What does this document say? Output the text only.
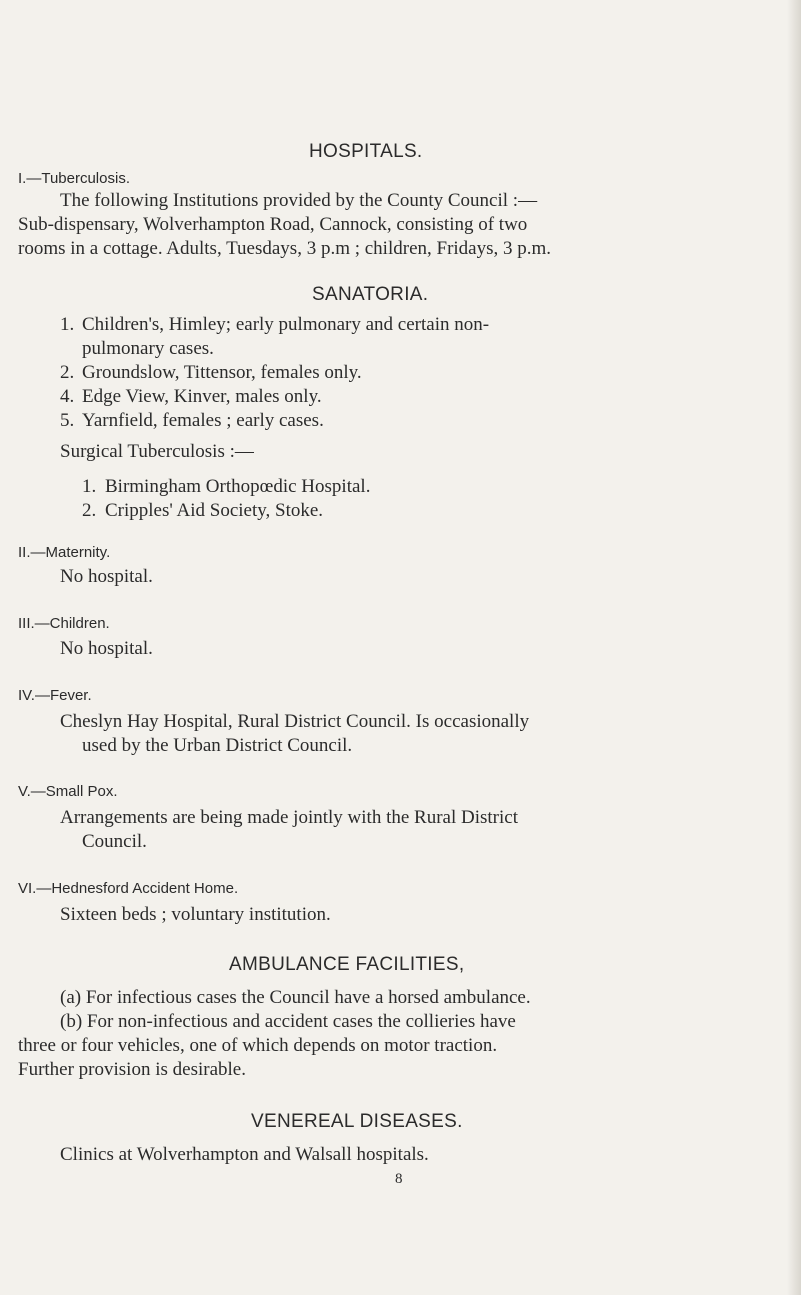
HOSPITALS.
I.—Tuberculosis.
The following Institutions provided by the County Council :—
Sub-dispensary, Wolverhampton Road, Cannock, consisting of two
rooms in a cottage. Adults, Tuesdays, 3 p.m ; children, Fridays, 3 p.m.
SANATORIA.
1. Children's, Himley; early pulmonary and certain non-
pulmonary cases.
2. Groundslow, Tittensor, females only.
4. Edge View, Kinver, males only.
5. Yarnfield, females ; early cases.
Surgical Tuberculosis :—
1. Birmingham Orthopœdic Hospital.
2. Cripples' Aid Society, Stoke.
II.—Maternity.
No hospital.
III.—Children.
No hospital.
IV.—Fever.
Cheslyn Hay Hospital, Rural District Council. Is occasionally
used by the Urban District Council.
V.—Small Pox.
Arrangements are being made jointly with the Rural District
Council.
VI.—Hednesford Accident Home.
Sixteen beds ; voluntary institution.
AMBULANCE FACILITIES,
(a) For infectious cases the Council have a horsed ambulance.
(b) For non-infectious and accident cases the collieries have
three or four vehicles, one of which depends on motor traction.
Further provision is desirable.
VENEREAL DISEASES.
Clinics at Wolverhampton and Walsall hospitals.
8
